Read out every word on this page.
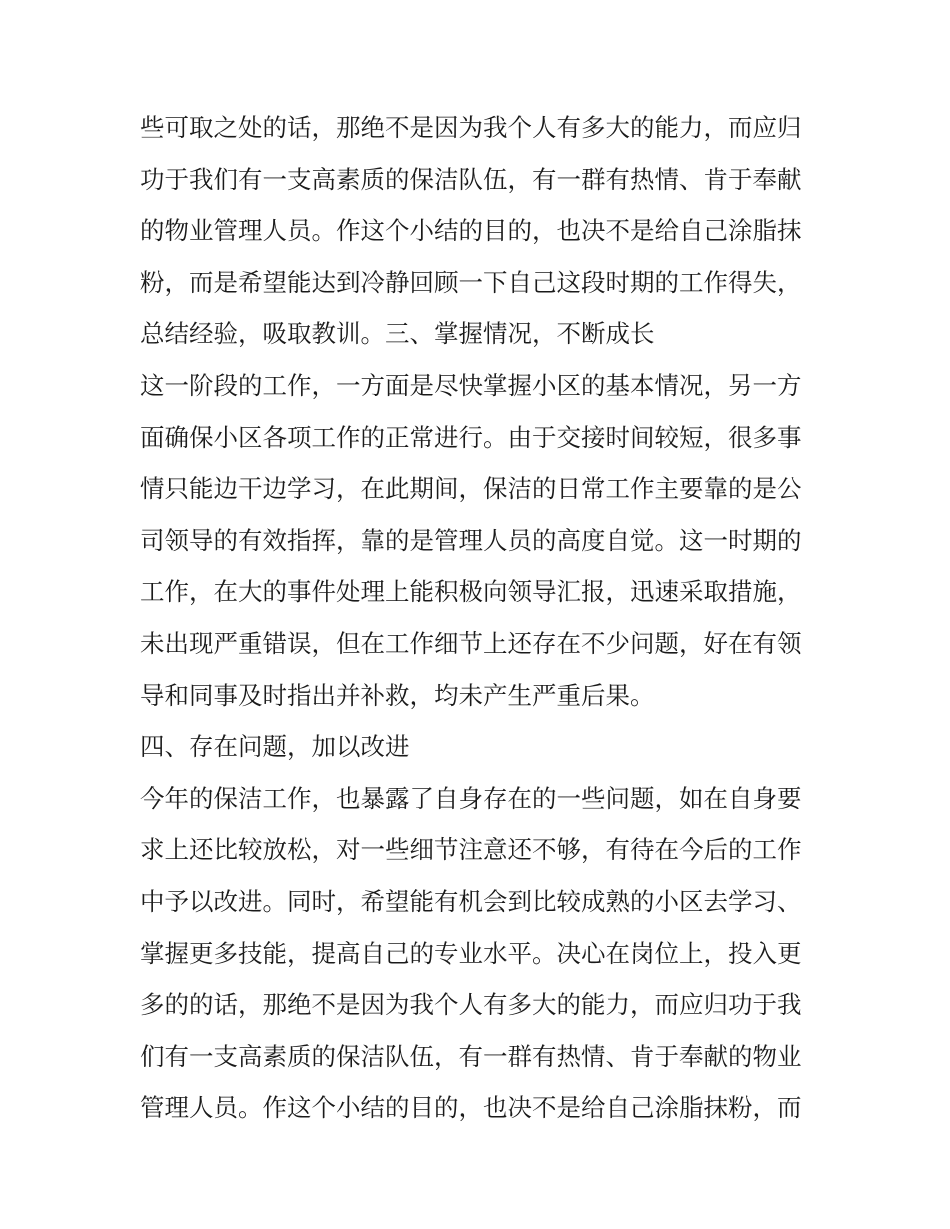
些可取之处的话，那绝不是因为我个人有多大的能力，而应归
功于我们有一支高素质的保洁队伍，有一群有热情、肯于奉献
的物业管理人员。作这个小结的目的，也决不是给自己涂脂抹
粉，而是希望能达到冷静回顾一下自己这段时期的工作得失，
总结经验，吸取教训。三、掌握情况，不断成长
这一阶段的工作，一方面是尽快掌握小区的基本情况，另一方
面确保小区各项工作的正常进行。由于交接时间较短，很多事
情只能边干边学习，在此期间，保洁的日常工作主要靠的是公
司领导的有效指挥，靠的是管理人员的高度自觉。这一时期的
工作，在大的事件处理上能积极向领导汇报，迅速采取措施，
未出现严重错误，但在工作细节上还存在不少问题，好在有领
导和同事及时指出并补救，均未产生严重后果。
四、存在问题，加以改进
今年的保洁工作，也暴露了自身存在的一些问题，如在自身要
求上还比较放松，对一些细节注意还不够，有待在今后的工作
中予以改进。同时，希望能有机会到比较成熟的小区去学习、
掌握更多技能，提高自己的专业水平。决心在岗位上，投入更
多的的话，那绝不是因为我个人有多大的能力，而应归功于我
们有一支高素质的保洁队伍，有一群有热情、肯于奉献的物业
管理人员。作这个小结的目的，也决不是给自己涂脂抹粉，而
